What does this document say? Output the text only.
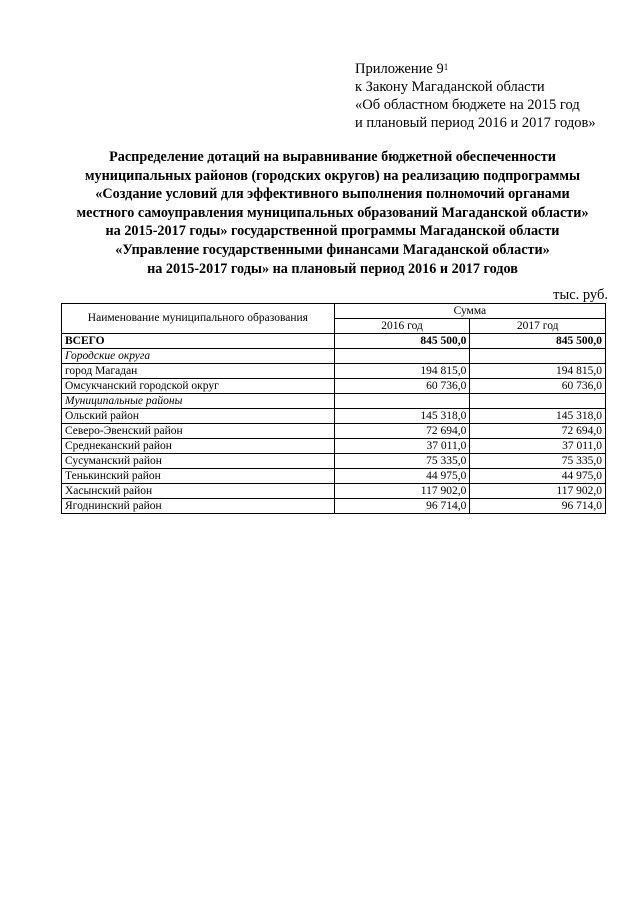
Приложение $9^1$
к Закону Магаданской области
«Об областном бюджете на 2015 год
и плановый период 2016 и 2017 годов»
Распределение дотаций на выравнивание бюджетной обеспеченности
муниципальных районов (городских округов) на реализацию подпрограммы
«Создание условий для эффективного выполнения полномочий органами
местного самоуправления муниципальных образований Магаданской области»
на 2015-2017 годы» государственной программы Магаданской области
«Управление государственными финансами Магаданской области»
на 2015-2017 годы» на плановый период 2016 и 2017 годов
тыс. руб.
Наименование муниципального образования	Сумма	
	2016 год	2017 год
ВСЕГО	845 500,0	845 500,0
Городские округа		
город Магадан	194 815,0	194 815,0
Омсукчанский городской округ	60 736,0	60 736,0
Муниципальные районы		
Ольский район	145 318,0	145 318,0
Северо-Эвенский район	72 694,0	72 694,0
Среднеканский район	37 011,0	37 011,0
Сусуманский район	75 335,0	75 335,0
Тенькинский район	44 975,0	44 975,0
Хасынский район	117 902,0	117 902,0
Ягоднинский район	96 714,0	96 714,0
